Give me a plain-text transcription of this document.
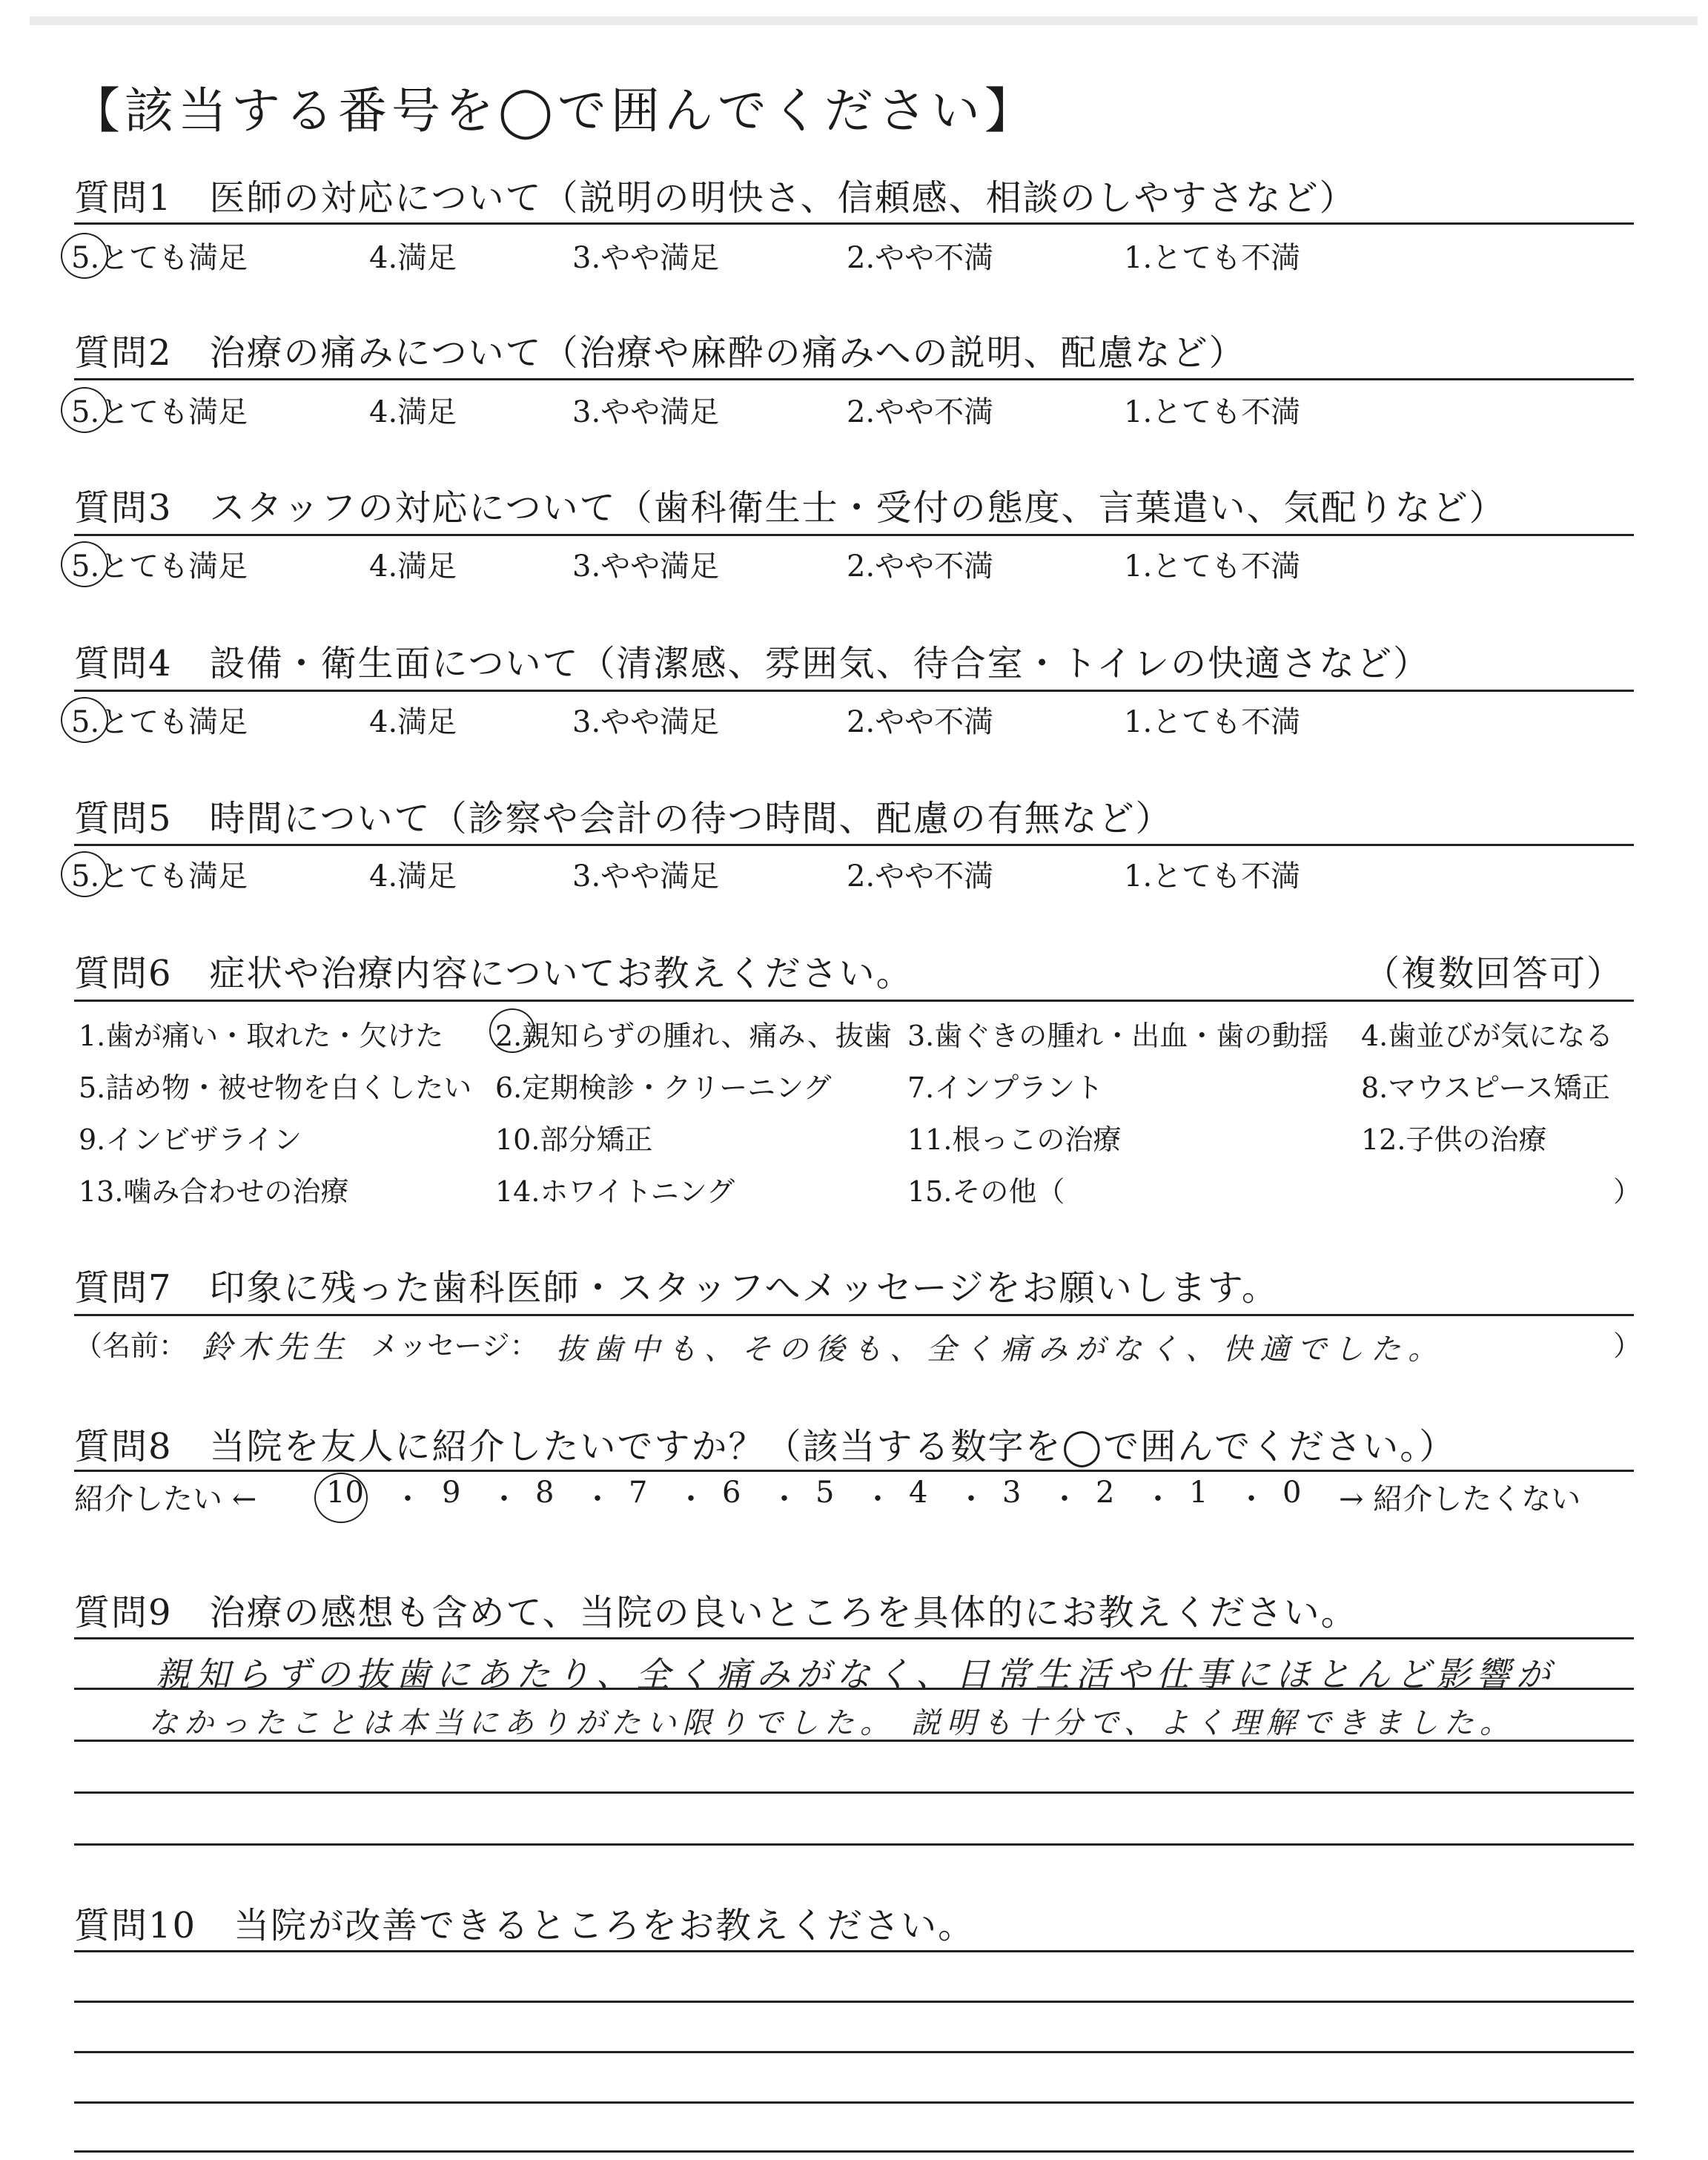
【該当する番号を◯で囲んでください】
質問1　医師の対応について（説明の明快さ、信頼感、相談のしやすさなど）
5.とても満足	4.満足	3.やや満足	2.やや不満	1.とても不満
質問2　治療の痛みについて（治療や麻酔の痛みへの説明、配慮など）
5.とても満足	4.満足	3.やや満足	2.やや不満	1.とても不満
質問3　スタッフの対応について（歯科衛生士・受付の態度、言葉遣い、気配りなど）
5.とても満足	4.満足	3.やや満足	2.やや不満	1.とても不満
質問4　設備・衛生面について（清潔感、雰囲気、待合室・トイレの快適さなど）
5.とても満足	4.満足	3.やや満足	2.やや不満	1.とても不満
質問5　時間について（診察や会計の待つ時間、配慮の有無など）
5.とても満足	4.満足	3.やや満足	2.やや不満	1.とても不満
質問6　症状や治療内容についてお教えください。	（複数回答可）
1.歯が痛い・取れた・欠けた 2.親知らずの腫れ、痛み、抜歯 3.歯ぐきの腫れ・出血・歯の動揺 4.歯並びが気になる
5.詰め物・被せ物を白くしたい 6.定期検診・クリーニング	7.インプラント	8.マウスピース矯正
9.インビザライン	10.部分矯正	11.根っこの治療	12.子供の治療
13.噛み合わせの治療	14.ホワイトニング	15.その他（	）
質問7　印象に残った歯科医師・スタッフへメッセージをお願いします。
（名前： 鈴木先生 メッセージ： 抜歯中も、その後も、全く痛みがなく、快適でした。	）
質問8　当院を友人に紹介したいですか？（該当する数字を◯で囲んでください。）
紹介したい ← 10 ・ 9 ・ 8 ・ 7 ・ 6 ・ 5 ・ 4 ・ 3 ・ 2 ・ 1 ・ 0 → 紹介したくない
質問9　治療の感想も含めて、当院の良いところを具体的にお教えください。
親知らずの抜歯にあたり、全く痛みがなく、日常生活や仕事にほとんど影響が
なかったことは本当にありがたい限りでした。 説明も十分で、よく理解できました。
質問10　当院が改善できるところをお教えください。
